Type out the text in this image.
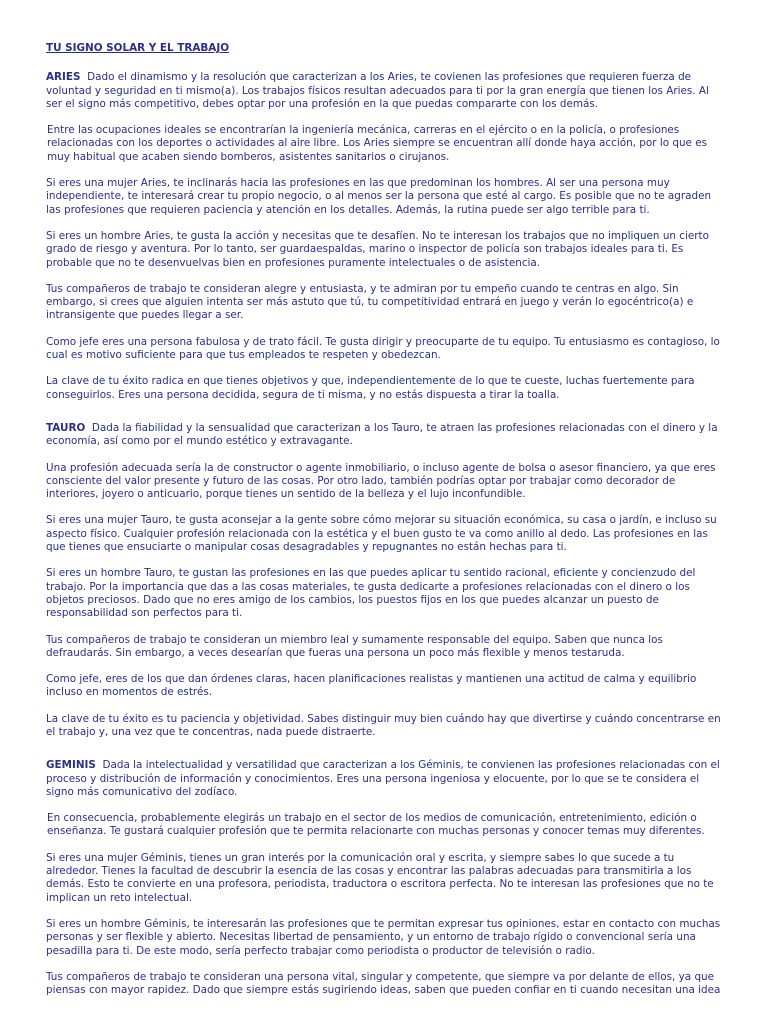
TU SIGNO SOLAR Y EL TRABAJO

ARIES Dado el dinamismo y la resolución que caracterizan a los Aries, te covienen las profesiones que requieren fuerza de voluntad y seguridad en ti mismo(a). Los trabajos físicos resultan adecuados para ti por la gran energía que tienen los Aries. Al ser el signo más competitivo, debes optar por una profesión en la que puedas compararte con los demás.

Entre las ocupaciones ideales se encontrarían la ingeniería mecánica, carreras en el ejército o en la policía, o profesiones relacionadas con los deportes o actividades al aire libre. Los Aries siempre se encuentran allí donde haya acción, por lo que es muy habitual que acaben siendo bomberos, asistentes sanitarios o cirujanos.

Si eres una mujer Aries, te inclinarás hacia las profesiones en las que predominan los hombres. Al ser una persona muy independiente, te interesará crear tu propio negocio, o al menos ser la persona que esté al cargo. Es posible que no te agraden las profesiones que requieren paciencia y atención en los detalles. Además, la rutina puede ser algo terrible para ti.

Si eres un hombre Aries, te gusta la acción y necesitas que te desafíen. No te interesan los trabajos que no impliquen un cierto grado de riesgo y aventura. Por lo tanto, ser guardaespaldas, marino o inspector de policía son trabajos ideales para ti. Es probable que no te desenvuelvas bien en profesiones puramente intelectuales o de asistencia.

Tus compañeros de trabajo te consideran alegre y entusiasta, y te admiran por tu empeño cuando te centras en algo. Sin embargo, si crees que alguien intenta ser más astuto que tú, tu competitividad entrará en juego y verán lo egocéntrico(a) e intransigente que puedes llegar a ser.

Como jefe eres una persona fabulosa y de trato fácil. Te gusta dirigir y preocuparte de tu equipo. Tu entusiasmo es contagioso, lo cual es motivo suficiente para que tus empleados te respeten y obedezcan.

La clave de tu éxito radica en que tienes objetivos y que, independientemente de lo que te cueste, luchas fuertemente para conseguirlos. Eres una persona decidida, segura de ti misma, y no estás dispuesta a tirar la toalla.

TAURO Dada la fiabilidad y la sensualidad que caracterizan a los Tauro, te atraen las profesiones relacionadas con el dinero y la economía, así como por el mundo estético y extravagante.

Una profesión adecuada sería la de constructor o agente inmobiliario, o incluso agente de bolsa o asesor financiero, ya que eres consciente del valor presente y futuro de las cosas. Por otro lado, también podrías optar por trabajar como decorador de interiores, joyero o anticuario, porque tienes un sentido de la belleza y el lujo inconfundible.

Si eres una mujer Tauro, te gusta aconsejar a la gente sobre cómo mejorar su situación económica, su casa o jardín, e incluso su aspecto físico. Cualquier profesión relacionada con la estética y el buen gusto te va como anillo al dedo. Las profesiones en las que tienes que ensuciarte o manipular cosas desagradables y repugnantes no están hechas para ti.

Si eres un hombre Tauro, te gustan las profesiones en las que puedes aplicar tu sentido racional, eficiente y concienzudo del trabajo. Por la importancia que das a las cosas materiales, te gusta dedicarte a profesiones relacionadas con el dinero o los objetos preciosos. Dado que no eres amigo de los cambios, los puestos fijos en los que puedes alcanzar un puesto de responsabilidad son perfectos para ti.

Tus compañeros de trabajo te consideran un miembro leal y sumamente responsable del equipo. Saben que nunca los defraudarás. Sin embargo, a veces desearían que fueras una persona un poco más flexible y menos testaruda.

Como jefe, eres de los que dan órdenes claras, hacen planificaciones realistas y mantienen una actitud de calma y equilibrio incluso en momentos de estrés.

La clave de tu éxito es tu paciencia y objetividad. Sabes distinguir muy bien cuándo hay que divertirse y cuándo concentrarse en el trabajo y, una vez que te concentras, nada puede distraerte.

GEMINIS Dada la intelectualidad y versatilidad que caracterizan a los Géminis, te convienen las profesiones relacionadas con el proceso y distribución de información y conocimientos. Eres una persona ingeniosa y elocuente, por lo que se te considera el signo más comunicativo del zodíaco.

En consecuencia, probablemente elegirás un trabajo en el sector de los medios de comunicación, entretenimiento, edición o enseñanza. Te gustará cualquier profesión que te permita relacionarte con muchas personas y conocer temas muy diferentes.

Si eres una mujer Géminis, tienes un gran interés por la comunicación oral y escrita, y siempre sabes lo que sucede a tu alrededor. Tienes la facultad de descubrir la esencia de las cosas y encontrar las palabras adecuadas para transmitirla a los demás. Esto te convierte en una profesora, periodista, traductora o escritora perfecta. No te interesan las profesiones que no te implican un reto intelectual.

Si eres un hombre Géminis, te interesarán las profesiones que te permitan expresar tus opiniones, estar en contacto con muchas personas y ser flexible y abierto. Necesitas libertad de pensamiento, y un entorno de trabajo rígido o convencional sería una pesadilla para ti. De este modo, sería perfecto trabajar como periodista o productor de televisión o radio.

Tus compañeros de trabajo te consideran una persona vital, singular y competente, que siempre va por delante de ellos, ya que piensas con mayor rapidez. Dado que siempre estás sugiriendo ideas, saben que pueden confiar en ti cuando necesitan una idea
